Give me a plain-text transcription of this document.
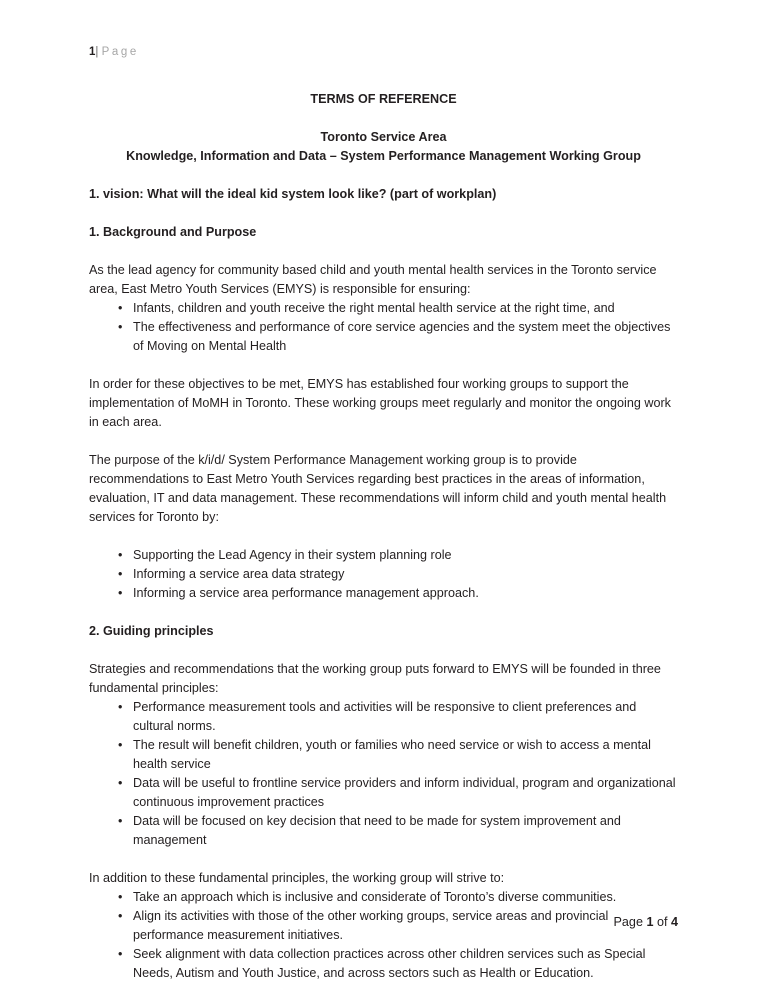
1| Page
TERMS OF REFERENCE
Toronto Service Area
Knowledge, Information and Data – System Performance Management Working Group
1. vision: What will the ideal kid system look like? (part of workplan)
1. Background and Purpose

As the lead agency for community based child and youth mental health services in the Toronto service area, East Metro Youth Services (EMYS) is responsible for ensuring:

• Infants, children and youth receive the right mental health service at the right time, and
• The effectiveness and performance of core service agencies and the system meet the objectives of Moving on Mental Health

In order for these objectives to be met, EMYS has established four working groups to support the implementation of MoMH in Toronto. These working groups meet regularly and monitor the ongoing work in each area.

The purpose of the k/i/d/ System Performance Management working group is to provide recommendations to East Metro Youth Services regarding best practices in the areas of information, evaluation, IT and data management. These recommendations will inform child and youth mental health services for Toronto by:

• Supporting the Lead Agency in their system planning role
• Informing a service area data strategy
• Informing a service area performance management approach.
2. Guiding principles

Strategies and recommendations that the working group puts forward to EMYS will be founded in three fundamental principles:

• Performance measurement tools and activities will be responsive to client preferences and cultural norms.
• The result will benefit children, youth or families who need service or wish to access a mental health service
• Data will be useful to frontline service providers and inform individual, program and organizational continuous improvement practices
• Data will be focused on key decision that need to be made for system improvement and management

In addition to these fundamental principles, the working group will strive to:

• Take an approach which is inclusive and considerate of Toronto’s diverse communities.
• Align its activities with those of the other working groups, service areas and provincial performance measurement initiatives.
• Seek alignment with data collection practices across other children services such as Special Needs, Autism and Youth Justice, and across sectors such as Health or Education.
Page 1 of 4
